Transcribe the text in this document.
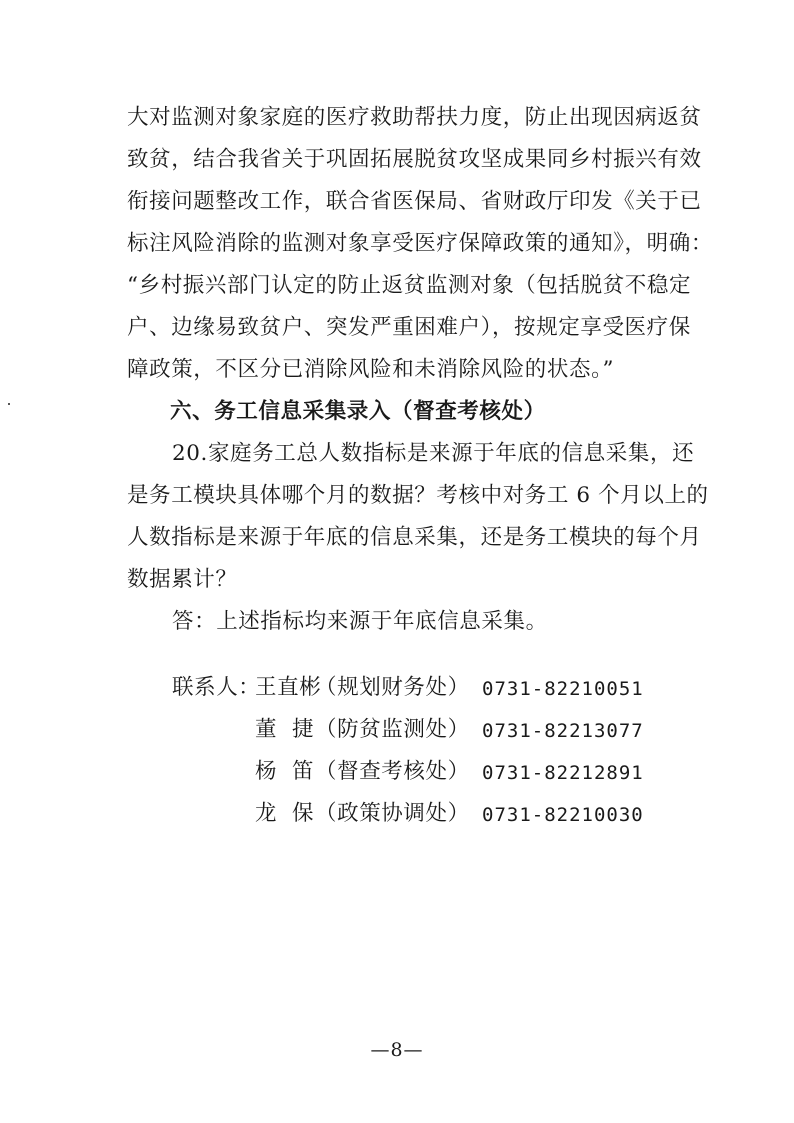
大对监测对象家庭的医疗救助帮扶力度，防止出现因病返贫
致贫，结合我省关于巩固拓展脱贫攻坚成果同乡村振兴有效
衔接问题整改工作，联合省医保局、省财政厅印发《关于已
标注风险消除的监测对象享受医疗保障政策的通知》，明确：
“乡村振兴部门认定的防止返贫监测对象（包括脱贫不稳定
户、边缘易致贫户、突发严重困难户），按规定享受医疗保
障政策，不区分已消除风险和未消除风险的状态。”
六、务工信息采集录入（督查考核处）
20.家庭务工总人数指标是来源于年底的信息采集，还
是务工模块具体哪个月的数据？考核中对务工 6 个月以上的
人数指标是来源于年底的信息采集，还是务工模块的每个月
数据累计？
答：上述指标均来源于年底信息采集。
联系人：
王直彬
（规划财务处） 0731-82210051
董  捷 （防贫监测处） 0731-82213077
杨  笛 （督查考核处） 0731-82212891
龙  保 （政策协调处） 0731-82210030
—8—
